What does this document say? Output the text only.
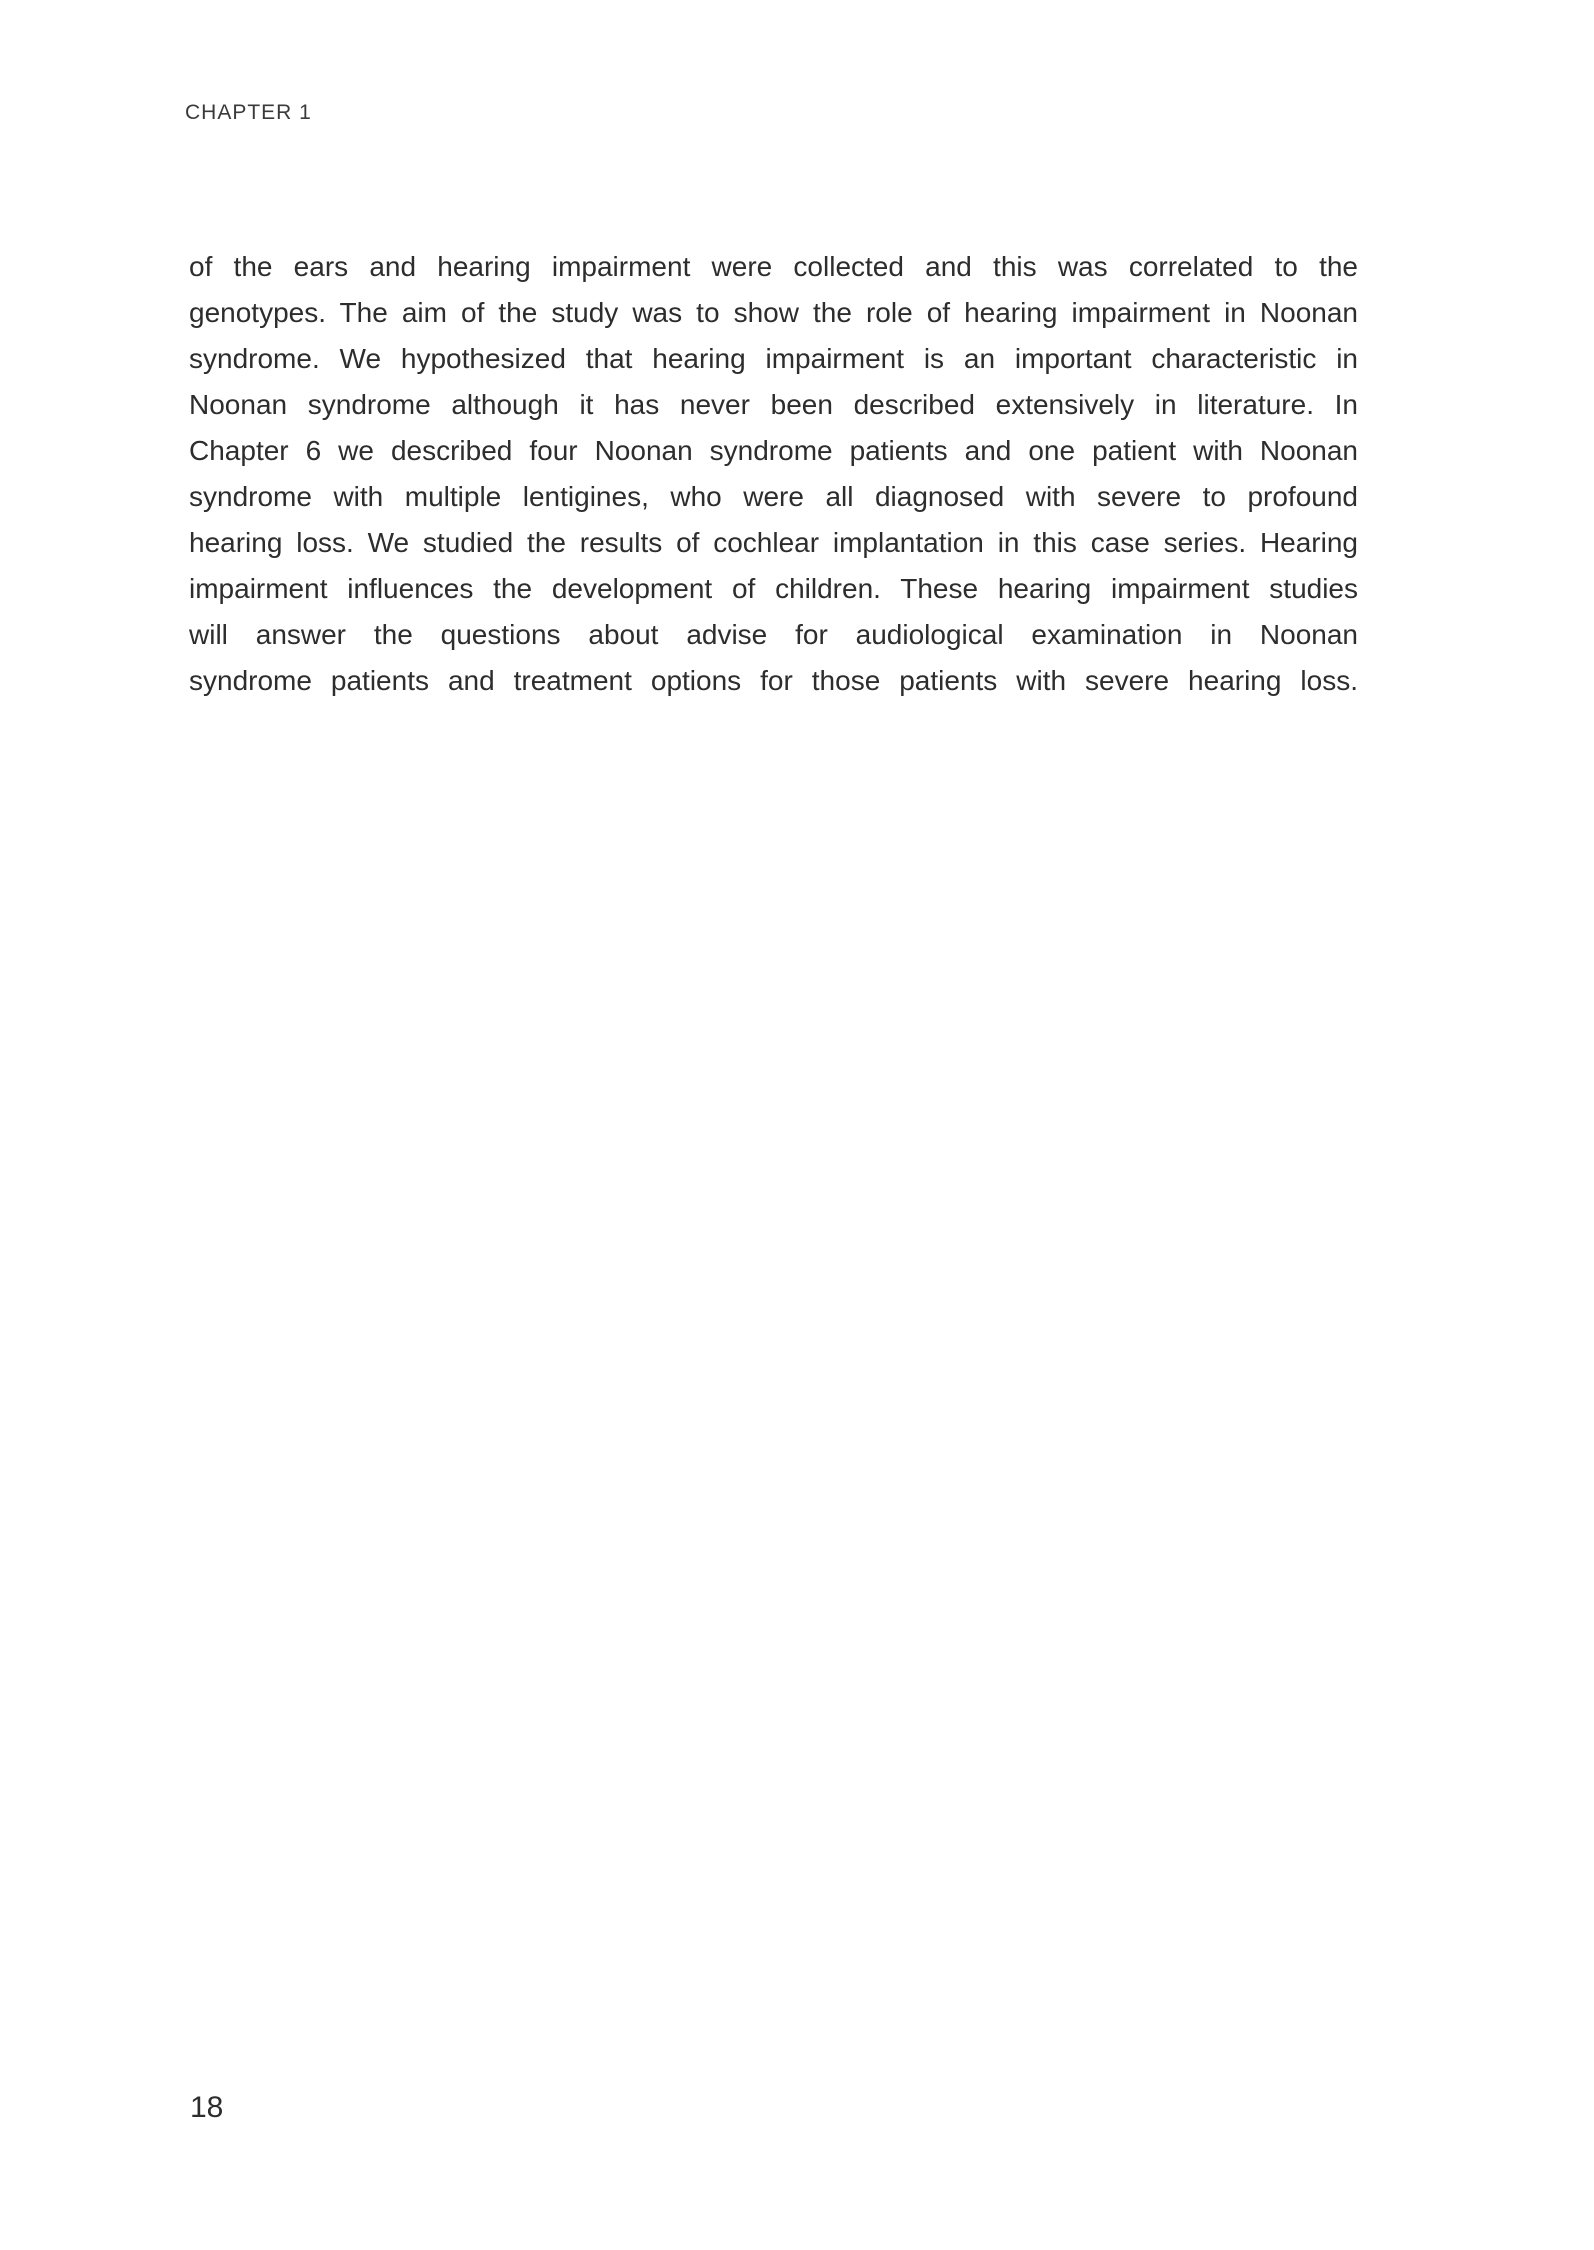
CHAPTER 1
of the ears and hearing impairment were collected and this was correlated to the
genotypes. The aim of the study was to show the role of hearing impairment in Noonan
syndrome. We hypothesized that hearing impairment is an important characteristic in
Noonan syndrome although it has never been described extensively in literature. In
Chapter 6 we described four Noonan syndrome patients and one patient with Noonan
syndrome with multiple lentigines, who were all diagnosed with severe to profound
hearing loss. We studied the results of cochlear implantation in this case series. Hearing
impairment influences the development of children. These hearing impairment studies
will answer the questions about advise for audiological examination in Noonan
syndrome patients and treatment options for those patients with severe hearing loss.
18
